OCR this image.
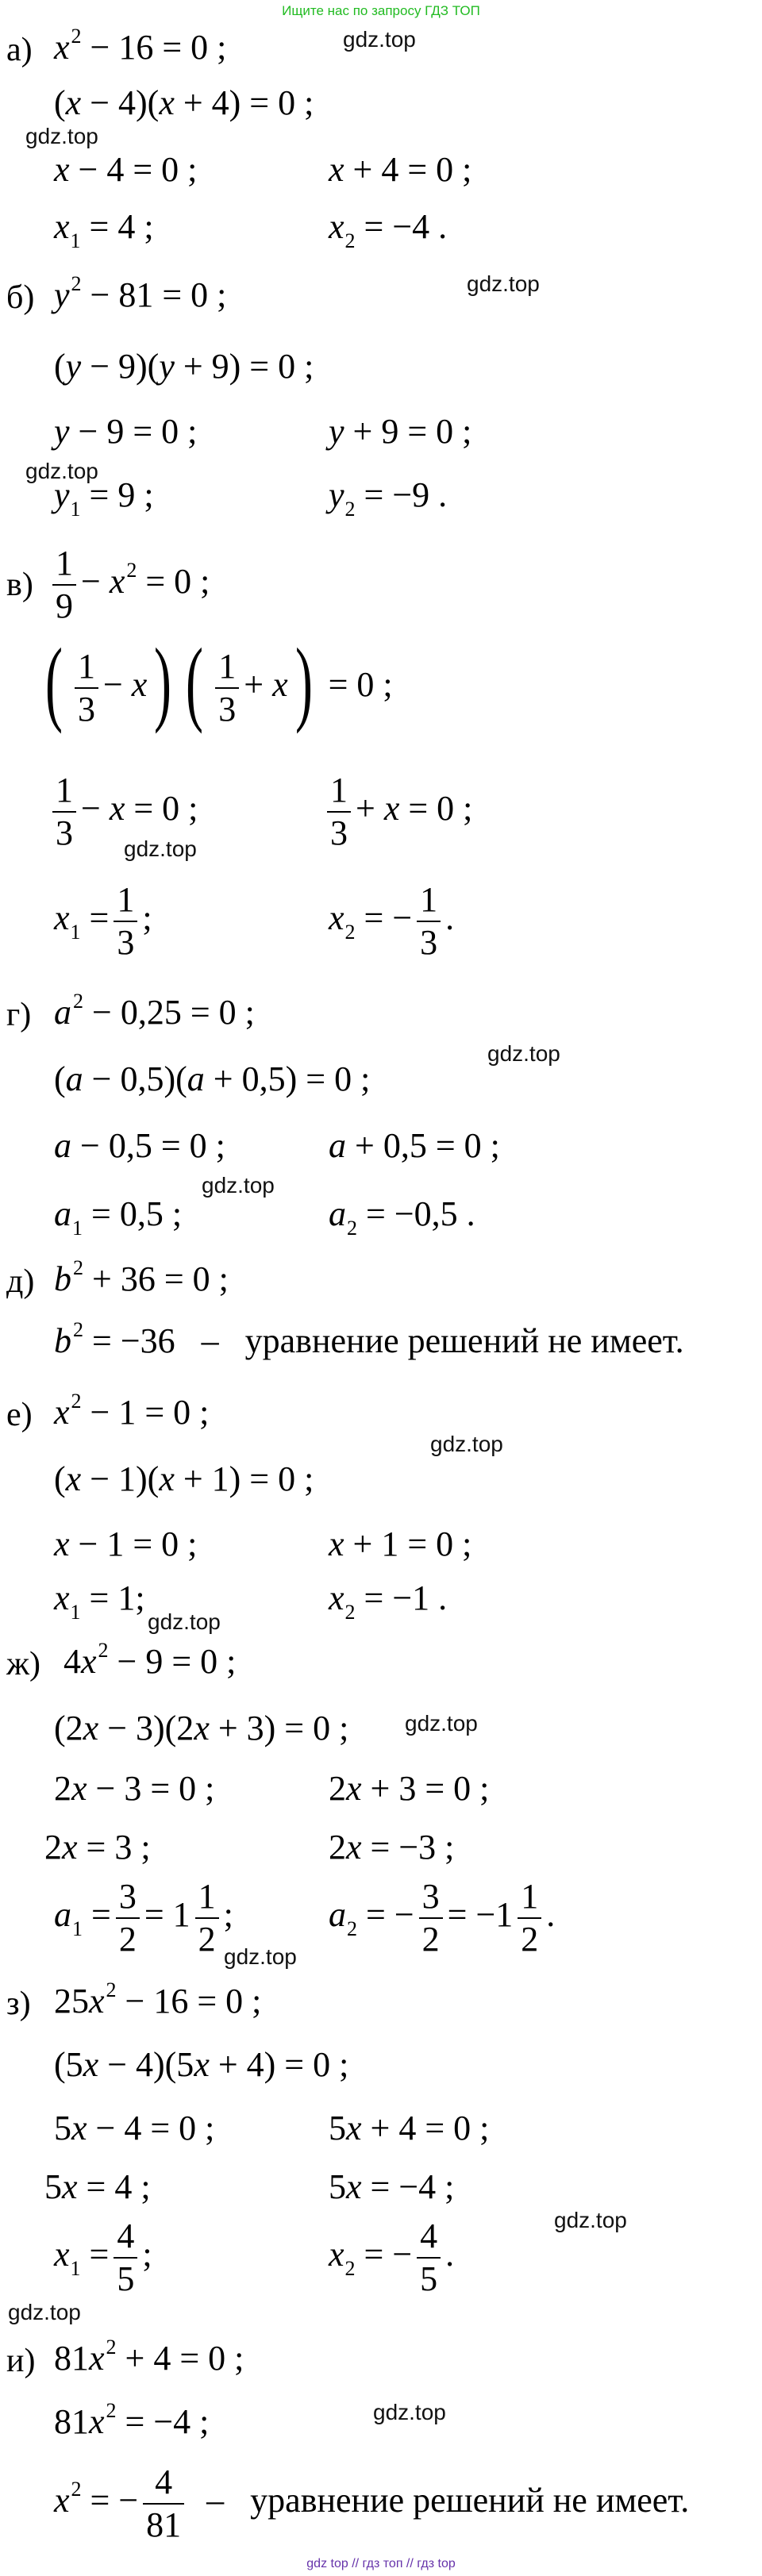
Ищите нас по запросу ГДЗ ТОП
а) $x^2 - 16 = 0$ ;	gdz.top
(x − 4)(x + 4) = 0 ;
gdz.top
x − 4 = 0 ;	x + 4 = 0 ;
$x_1 = 4$ ;	$x_2 = -4$ .
б) $y^2 - 81 = 0$ ;	gdz.top
(y − 9)(y + 9) = 0 ;
y − 9 = 0 ;	y + 9 = 0 ;
gdz.top
$y_1 = 9$ ;	$y_2 = -9$ .
$в) \frac{1}{9} - x^2 = 0$ ;
( $\frac{1}{3} - x$) ( $\frac{1}{3} + x) = 0$ ;
$\frac{1}{3} - x = 0$ ;	$\frac{1}{3} + x = 0$ ;
gdz.top
$x_1 = \frac{1}{3}$ ;	$x_2$ = − $\frac{1}{3}$ .
г) $a^2 - 0,25 = 0$ ;
gdz.top
(a − 0,5)(a + 0,5) = 0 ;
a − 0,5 = 0 ;	a + 0,5 = 0 ;
gdz.top
$a_1 = 0,5$ ;	$a_2 = -0,5$ .
д) $b^2 + 36 = 0$ ;
$b^2 = -36$   –   уравнение решений не имеет.
е) $x^2 - 1 = 0$ ;
gdz.top
(x − 1)(x + 1) = 0 ;
x − 1 = 0 ;	x + 1 = 0 ;
$x_1 = 1$;	$x_2 = -1$ .
gdz.top
ж) $4x^2 - 9 = 0$ ;
(2x − 3)(2x + 3) = 0 ;	gdz.top
2x − 3 = 0 ;	2x + 3 = 0 ;
2x = 3 ;	2x = −3 ;
$a_1 = \frac{3}{2} = 1 \frac{1}{2}$ ;	$a_2$ = − $\frac{3}{2} = -1 \frac{1}{2}$ .
gdz.top
з) $25x^2 - 16 = 0$ ;
(5x − 4)(5x + 4) = 0 ;
5x − 4 = 0 ;	5x + 4 = 0 ;
5x = 4 ;	5x = −4 ;
gdz.top
$x_1 = \frac{4}{5}$ ;	$x_2$ = − $\frac{4}{5}$ .
gdz.top
и) $81x^2 + 4 = 0$ ;
gdz.top
$81x^2 = -4$ ;
$x^2$ = − $\frac{4}{81}$ –   уравнение решений не имеет.
gdz top // гдз топ // гдз top
